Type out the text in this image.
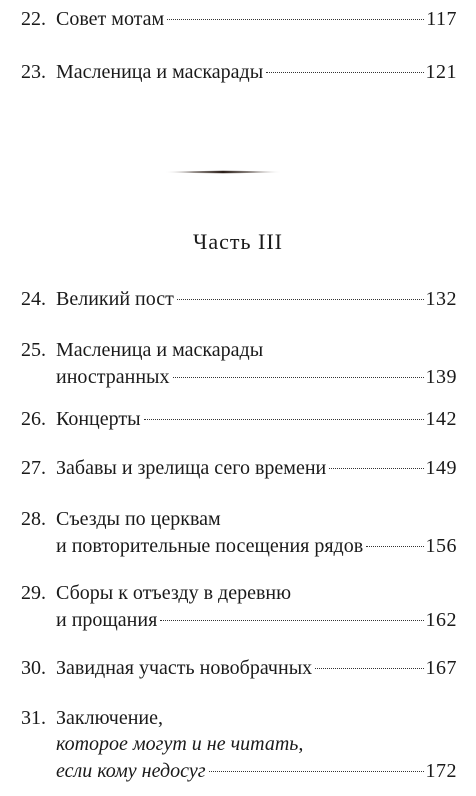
22. Совет мотам	117
23. Масленица и маскарады	121
Часть III
24. Великий пост	132
25. Масленица и маскарады
иностранных	139
26. Концерты	142
27. Забавы и зрелища сего времени	149
28. Съезды по церквам
и повторительные посещения рядов	156
29. Сборы к отъезду в деревню
и прощания	162
30. Завидная участь новобрачных	167
31. Заключение,
которое могут и не читать,
если кому недосуг	172
